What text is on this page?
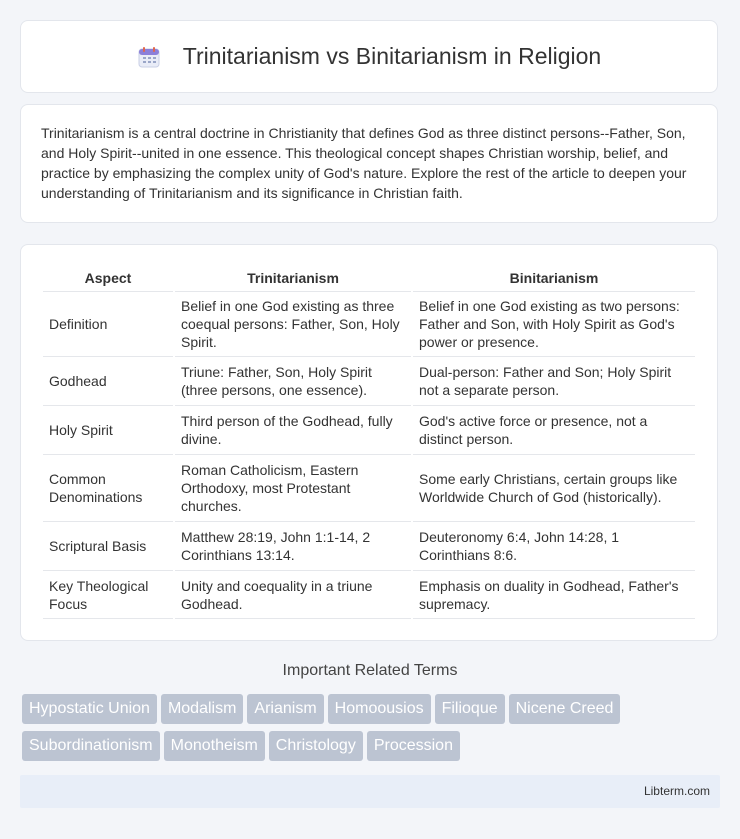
Trinitarianism vs Binitarianism in Religion

Trinitarianism is a central doctrine in Christianity that defines God as three distinct persons--Father, Son, and Holy Spirit--united in one essence. This theological concept shapes Christian worship, belief, and practice by emphasizing the complex unity of God's nature. Explore the rest of the article to deepen your understanding of Trinitarianism and its significance in Christian faith.

Aspect	Trinitarianism	Binitarianism
Definition	Belief in one God existing as three coequal persons: Father, Son, Holy Spirit.	Belief in one God existing as two persons: Father and Son, with Holy Spirit as God's power or presence.
Godhead	Triune: Father, Son, Holy Spirit (three persons, one essence).	Dual-person: Father and Son; Holy Spirit not a separate person.
Holy Spirit	Third person of the Godhead, fully divine.	God's active force or presence, not a distinct person.
Common Denominations	Roman Catholicism, Eastern Orthodoxy, most Protestant churches.	Some early Christians, certain groups like Worldwide Church of God (historically).
Scriptural Basis	Matthew 28:19, John 1:1-14, 2 Corinthians 13:14.	Deuteronomy 6:4, John 14:28, 1 Corinthians 8:6.
Key Theological Focus	Unity and coequality in a triune Godhead.	Emphasis on duality in Godhead, Father's supremacy.
Important Related Terms
Hypostatic Union Modalism Arianism Homoousios Filioque Nicene Creed
Subordinationism Monotheism Christology Procession
Libterm.com
